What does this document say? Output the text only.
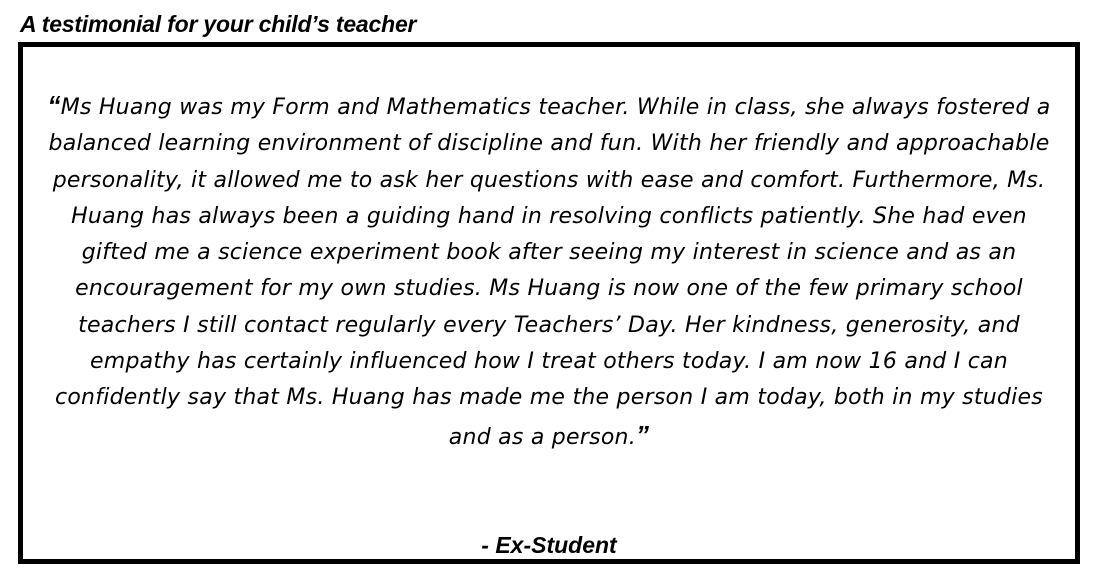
A testimonial for your child’s teacher
“Ms Huang was my Form and Mathematics teacher. While in class, she always fostered a balanced learning environment of discipline and fun. With her friendly and approachable personality, it allowed me to ask her questions with ease and comfort. Furthermore, Ms. Huang has always been a guiding hand in resolving conflicts patiently. She had even gifted me a science experiment book after seeing my interest in science and as an encouragement for my own studies. Ms Huang is now one of the few primary school teachers I still contact regularly every Teachers’ Day. Her kindness, generosity, and empathy has certainly influenced how I treat others today. I am now 16 and I can confidently say that Ms. Huang has made me the person I am today, both in my studies and as a person.”
- Ex-Student
